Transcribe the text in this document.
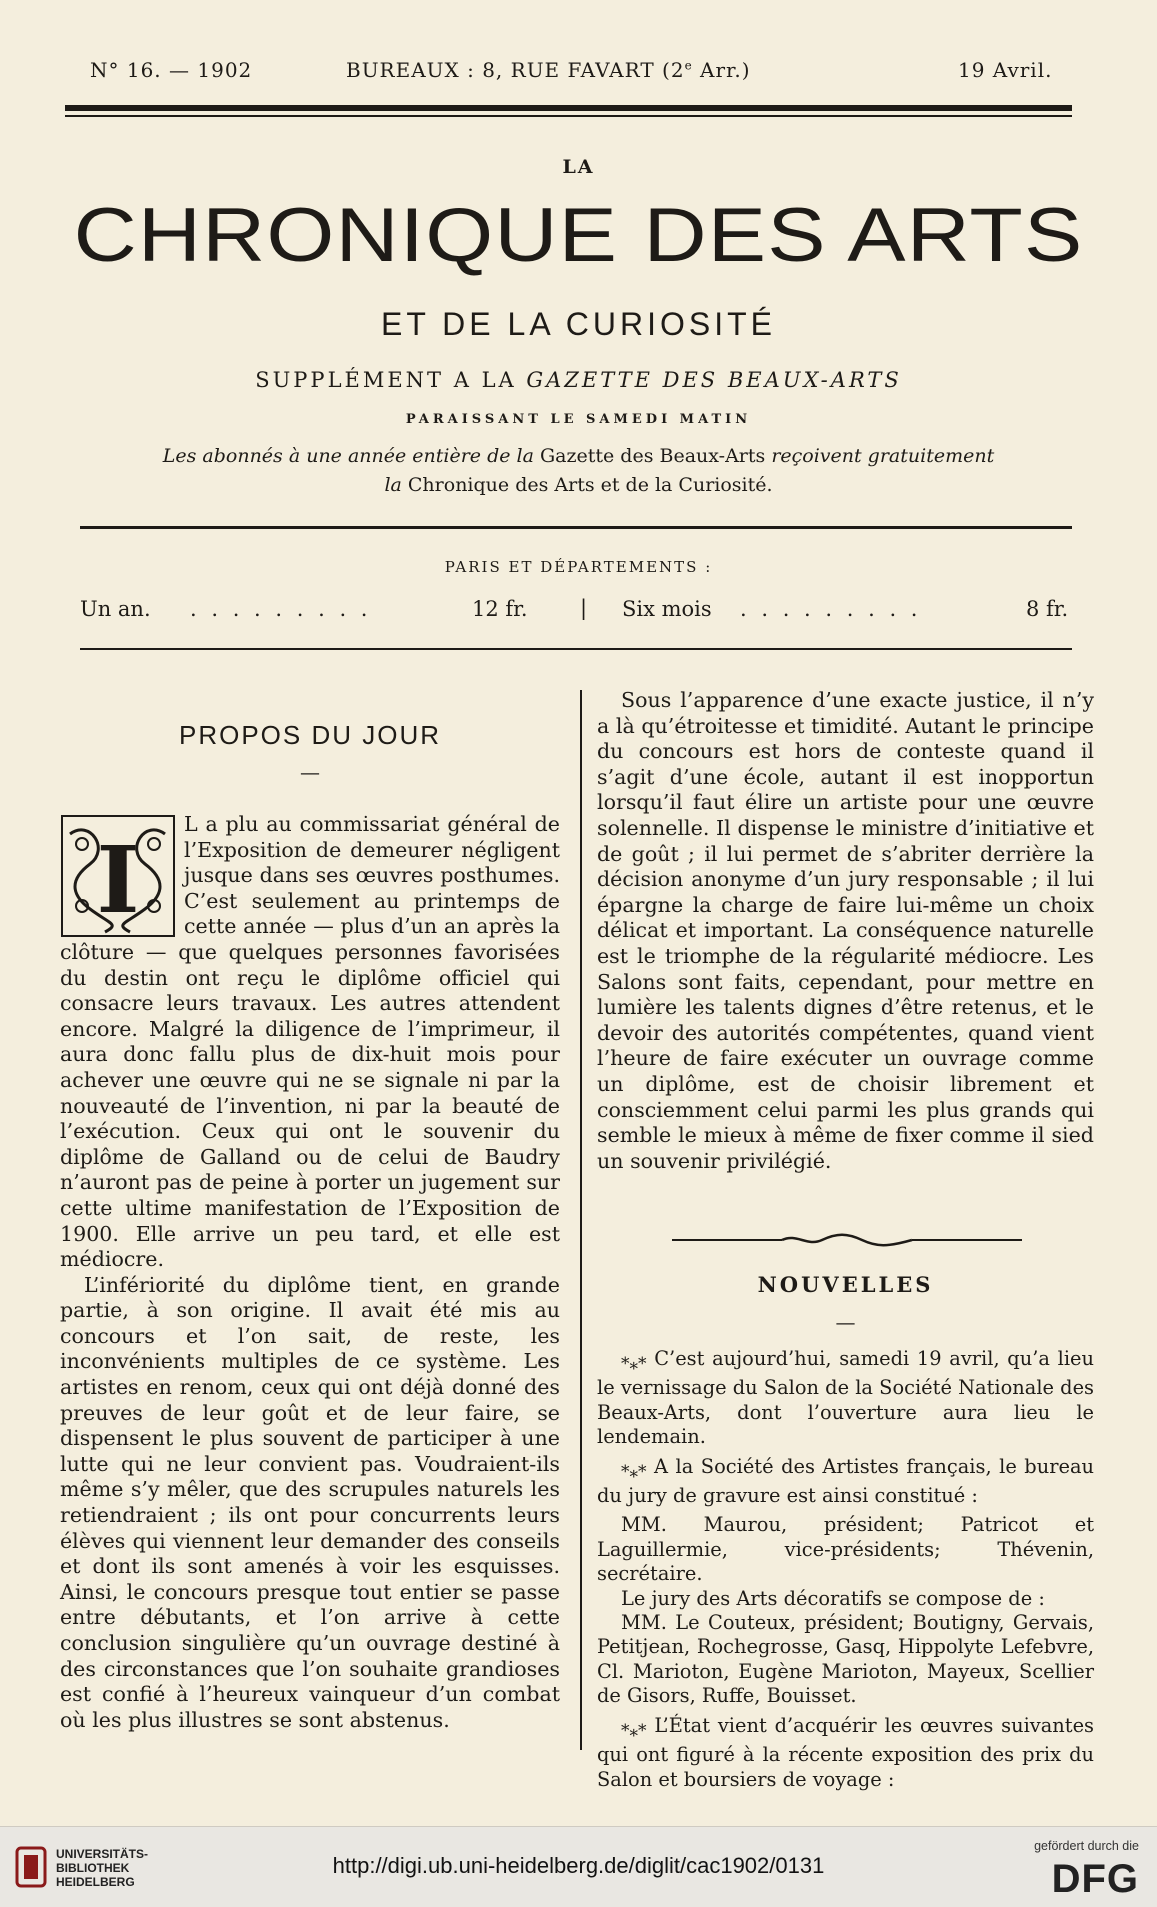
N° 16. — 1902	BUREAUX : 8, RUE FAVART (2e Arr.)	19 Avril.
LA
CHRONIQUE DES ARTS
ET DE LA CURIOSITÉ
SUPPLÉMENT A LA GAZETTE DES BEAUX-ARTS
PARAISSANT LE SAMEDI MATIN
Les abonnés à une année entière de la Gazette des Beaux-Arts reçoivent gratuitement
la Chronique des Arts et de la Curiosité.
PARIS ET DÉPARTEMENTS :
Un an. . . . . . . . . .	12 fr. | Six mois . . . . . . . . .	8 fr.
PROPOS DU JOUR
—
I

L a plu au commissariat général de l’Exposition de demeurer négligent jusque dans ses œuvres posthumes. C’est seulement au printemps de cette année — plus d’un an après la clôture — que quelques personnes favorisées du destin ont reçu le diplôme officiel qui consacre leurs travaux. Les autres attendent encore. Malgré la diligence de l’imprimeur, il aura donc fallu plus de dix-huit mois pour achever une œuvre qui ne se signale ni par la nouveauté de l’invention, ni par la beauté de l’exécution. Ceux qui ont le souvenir du diplôme de Galland ou de celui de Baudry n’auront pas de peine à porter un jugement sur cette ultime manifestation de l’Exposition de 1900. Elle arrive un peu tard, et elle est médiocre.

L’infériorité du diplôme tient, en grande partie, à son origine. Il avait été mis au concours et l’on sait, de reste, les inconvénients multiples de ce système. Les artistes en renom, ceux qui ont déjà donné des preuves de leur goût et de leur faire, se dispensent le plus souvent de participer à une lutte qui ne leur convient pas. Voudraient-ils même s’y mêler, que des scrupules naturels les retiendraient ; ils ont pour concurrents leurs élèves qui viennent leur demander des conseils et dont ils sont amenés à voir les esquisses. Ainsi, le concours presque tout entier se passe entre débutants, et l’on arrive à cette conclusion singulière qu’un ouvrage destiné à des circonstances que l’on souhaite grandioses est confié à l’heureux vainqueur d’un combat où les plus illustres se sont abstenus.

Sous l’apparence d’une exacte justice, il n’y a là qu’étroitesse et timidité. Autant le principe du concours est hors de conteste quand il s’agit d’une école, autant il est inopportun lorsqu’il faut élire un artiste pour une œuvre solennelle. Il dispense le ministre d’initiative et de goût ; il lui permet de s’abriter derrière la décision anonyme d’un jury responsable ; il lui épargne la charge de faire lui-même un choix délicat et important. La conséquence naturelle est le triomphe de la régularité médiocre. Les Salons sont faits, cependant, pour mettre en lumière les talents dignes d’être retenus, et le devoir des autorités compétentes, quand vient l’heure de faire exécuter un ouvrage comme un diplôme, est de choisir librement et consciemment celui parmi les plus grands qui semble le mieux à même de fixer comme il sied un souvenir privilégié.

NOUVELLES
—

*⁎* C’est aujourd’hui, samedi 19 avril, qu’a lieu le vernissage du Salon de la Société Nationale des Beaux-Arts, dont l’ouverture aura lieu le lendemain.

*⁎* A la Société des Artistes français, le bureau du jury de gravure est ainsi constitué :

MM. Maurou, président; Patricot et Laguillermie, vice-présidents; Thévenin, secrétaire.

Le jury des Arts décoratifs se compose de :

MM. Le Couteux, président; Boutigny, Gervais, Petitjean, Rochegrosse, Gasq, Hippolyte Lefebvre, Cl. Marioton, Eugène Marioton, Mayeux, Scellier de Gisors, Ruffe, Bouisset.

*⁎* L’État vient d’acquérir les œuvres suivantes qui ont figuré à la récente exposition des prix du Salon et boursiers de voyage :

UNIVERSITÄTS-
BIBLIOTHEK
HEIDELBERG
http://digi.ub.uni-heidelberg.de/diglit/cac1902/0131
gefördert durch die
DFG
